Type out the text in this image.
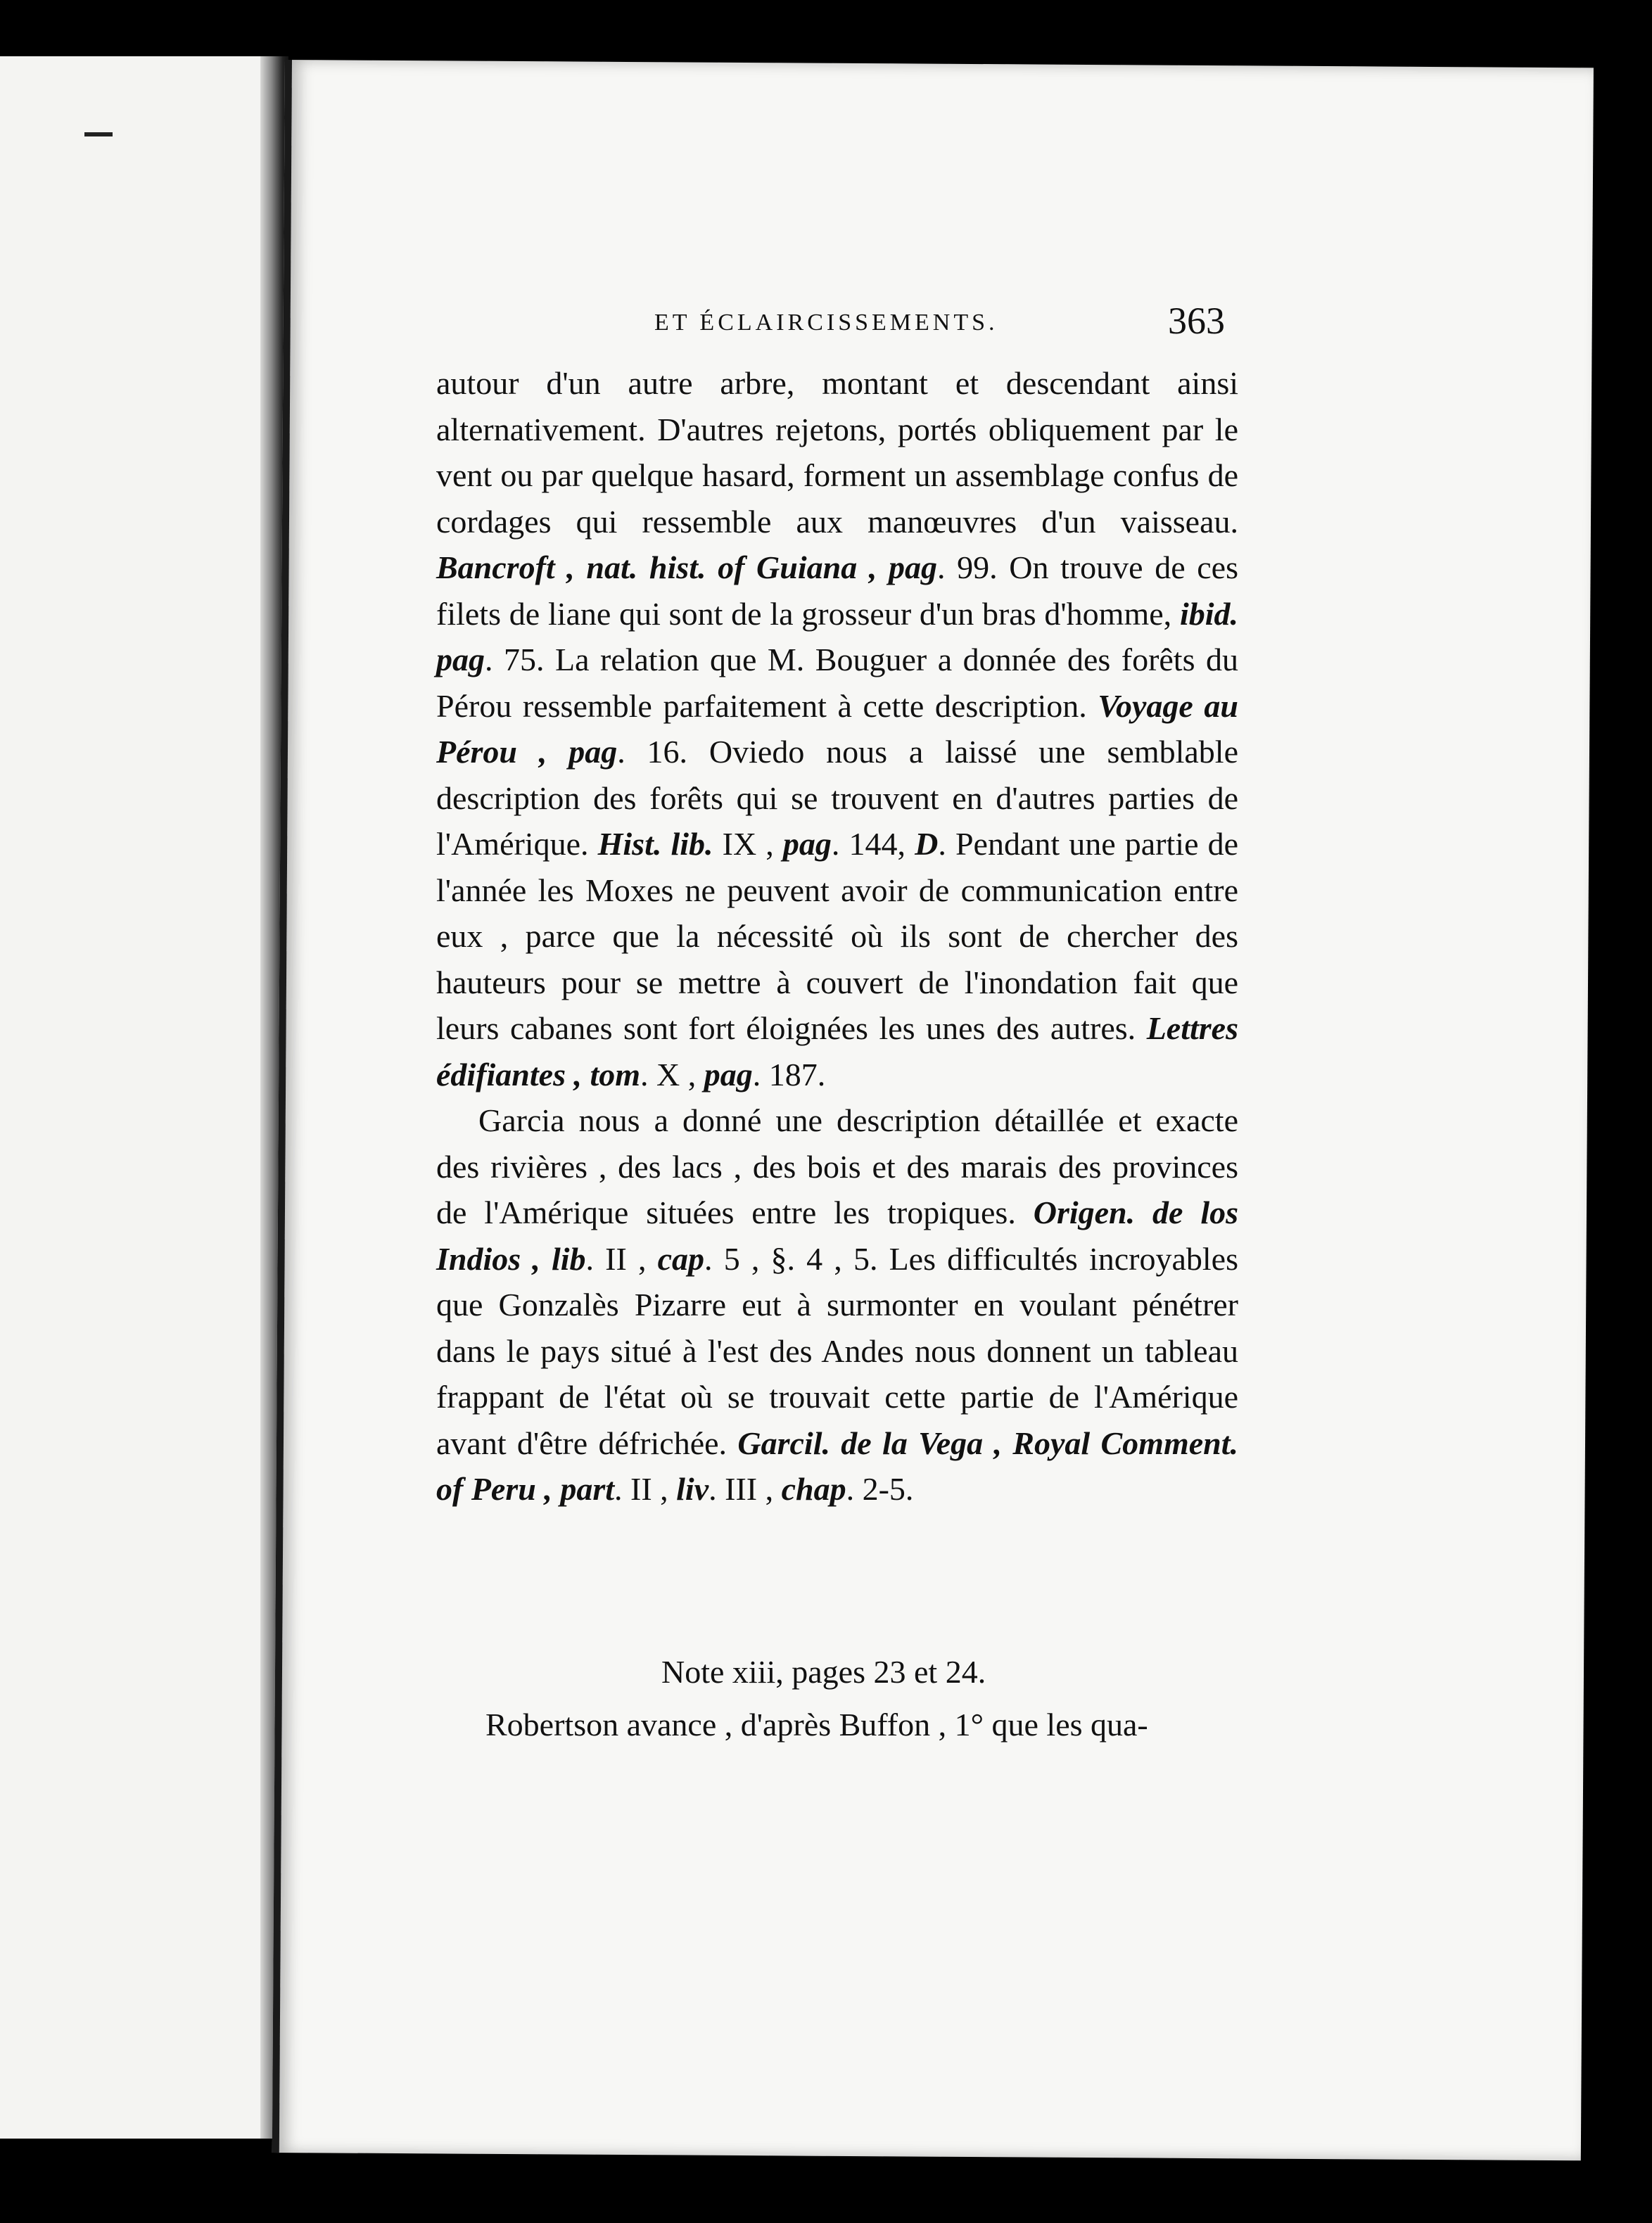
ET ÉCLAIRCISSEMENTS.	363

autour d'un autre arbre, montant et descendant ainsi alternativement. D'autres rejetons, portés obliquement par le vent ou par quelque hasard, forment un assemblage confus de cordages qui ressemble aux manœuvres d'un vaisseau. Bancroft , nat. hist. of Guiana , pag. 99. On trouve de ces filets de liane qui sont de la grosseur d'un bras d'homme, ibid. pag. 75. La relation que M. Bouguer a donnée des forêts du Pérou ressemble parfaitement à cette description. Voyage au Pérou , pag. 16. Oviedo nous a laissé une semblable description des forêts qui se trouvent en d'autres parties de l'Amérique. Hist. lib. IX , pag. 144, D. Pendant une partie de l'année les Moxes ne peuvent avoir de communication entre eux , parce que la nécessité où ils sont de chercher des hauteurs pour se mettre à couvert de l'inondation fait que leurs cabanes sont fort éloignées les unes des autres. Lettres édifiantes , tom. X , pag. 187.

Garcia nous a donné une description détaillée et exacte des rivières , des lacs , des bois et des marais des provinces de l'Amérique situées entre les tropiques. Origen. de los Indios , lib. II , cap. 5 , §. 4 , 5. Les difficultés incroyables que Gonzalès Pizarre eut à surmonter en voulant pénétrer dans le pays situé à l'est des Andes nous donnent un tableau frappant de l'état où se trouvait cette partie de l'Amérique avant d'être défrichée. Garcil. de la Vega , Royal Comment. of Peru , part. II , liv. III , chap. 2-5.

Note xiii, pages 23 et 24.
Robertson avance , d'après Buffon , 1° que les qua-
